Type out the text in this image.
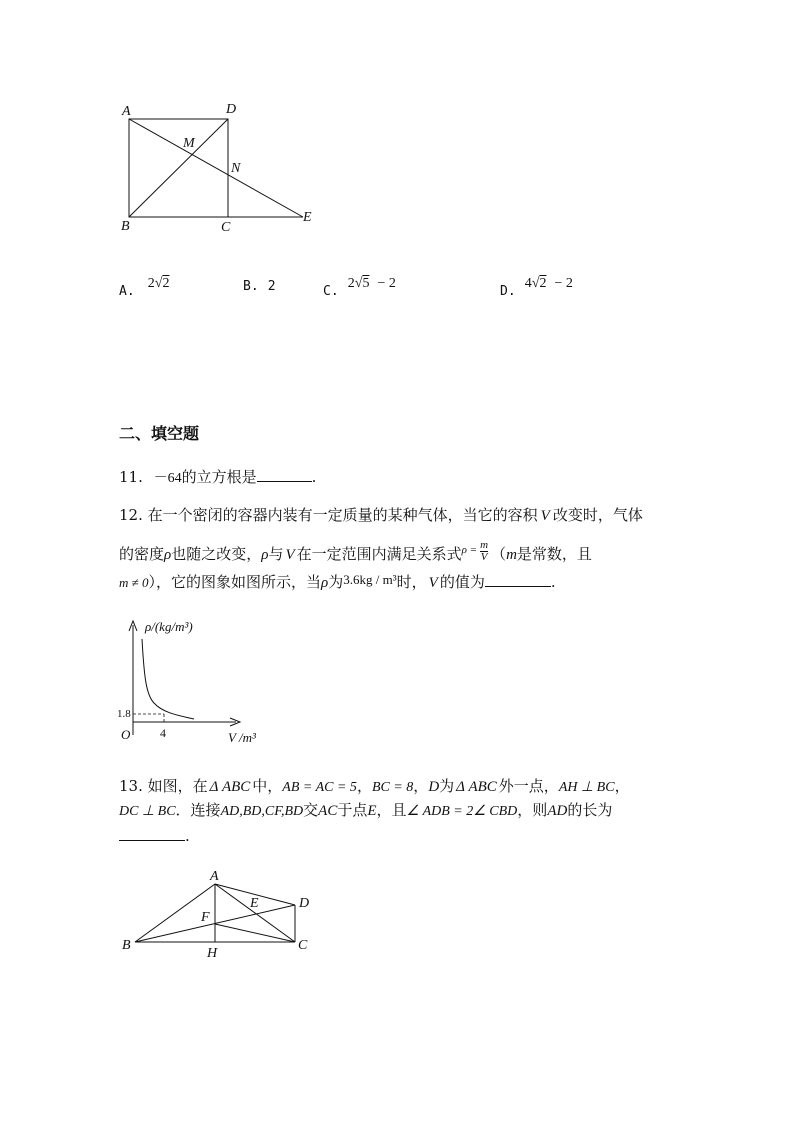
A	D
M
N
B	C
E
$_{A.}$ 2√2	B. 2	$_{C.}$ 2√5 − 2
$_{D.}$ 4√2 − 2
二、填空题
11. －64的立方根是	.
12. 在一个密闭的容器内装有一定质量的某种气体，当它的容积 V 改变时，气体
的密度ρ也随之改变，ρ与 V 在一定范围内满足关系式$^{\rho =} \frac{m}{V} (m$是常数，且
m ≠ 0），它的图象如图所示，当ρ为3.6kg / m³时， V 的值为	.
ρ/(kg/m³)
1.8
O 4	V /m³
13. 如图，在 Δ ABC 中，AB = AC = 5，BC = 8，D为 Δ ABC 外一点，AH ⊥ BC，
DC ⊥ BC．连接AD,BD,CF,BD交AC于点E，且∠ ADB = 2∠ CBD，则AD的长为
.
A
E	D
F
B
H
C
